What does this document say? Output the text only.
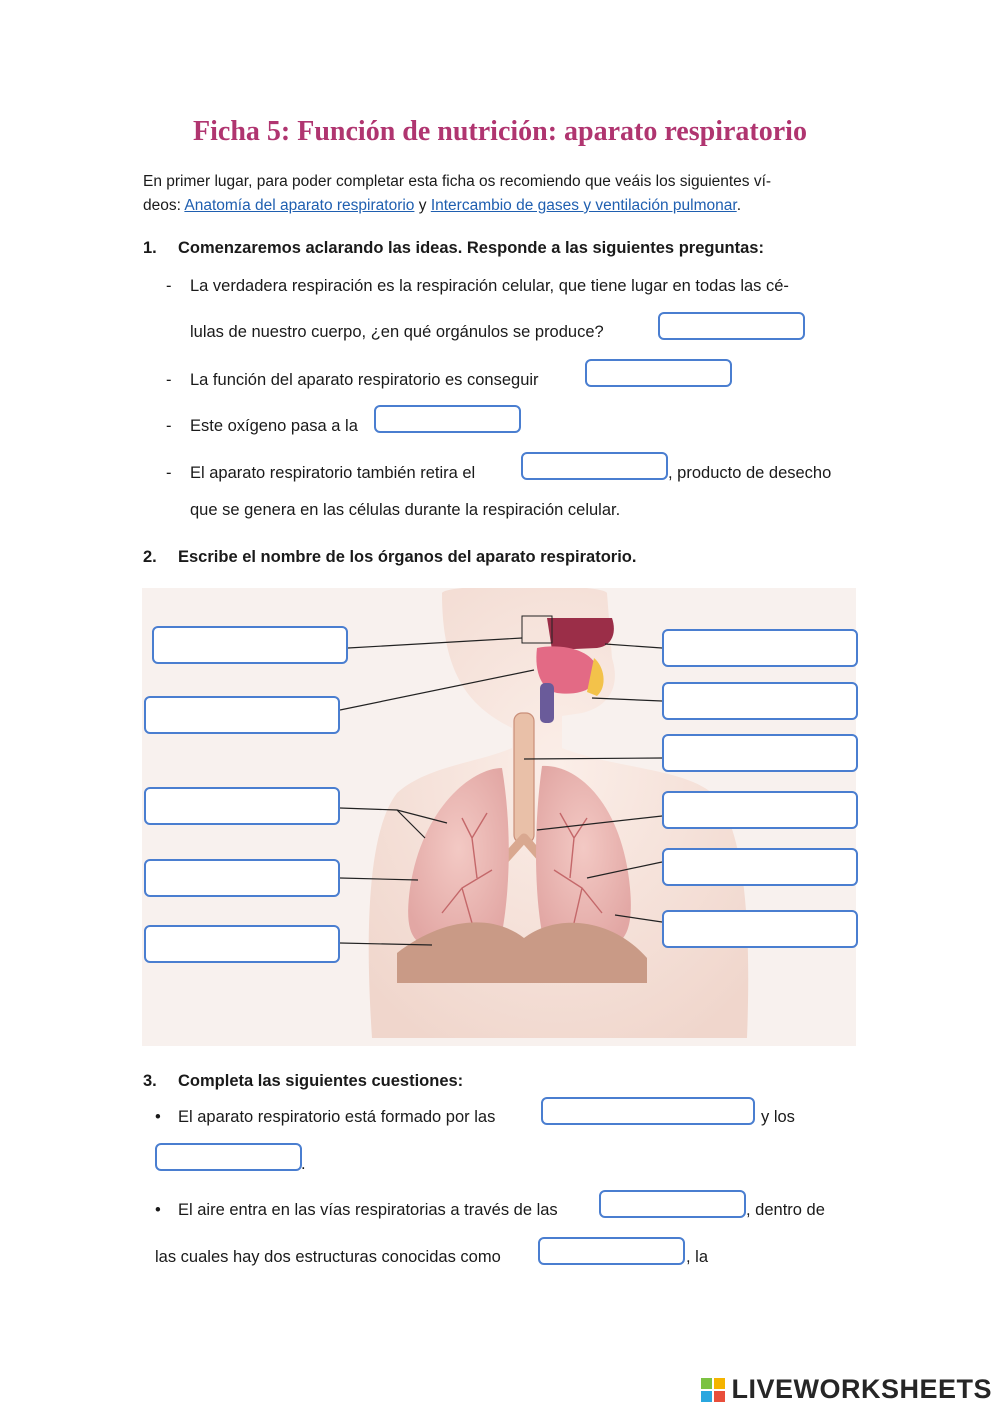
Ficha 5: Función de nutrición: aparato respiratorio
En primer lugar, para poder completar esta ficha os recomiendo que veáis los siguientes ví-
deos: Anatomía del aparato respiratorio y Intercambio de gases y ventilación pulmonar.
1. Comenzaremos aclarando las ideas. Responde a las siguientes preguntas:
- La verdadera respiración es la respiración celular, que tiene lugar en todas las cé-
lulas de nuestro cuerpo, ¿en qué orgánulos se produce?
- La función del aparato respiratorio es conseguir
- Este oxígeno pasa a la
- El aparato respiratorio también retira el	, producto de desecho
que se genera en las células durante la respiración celular.
2. Escribe el nombre de los órganos del aparato respiratorio.
3. Completa las siguientes cuestiones:
• El aparato respiratorio está formado por las	y los
.
• El aire entra en las vías respiratorias a través de las	, dentro de
las cuales hay dos estructuras conocidas como	, la
LIVEWORKSHEETS
